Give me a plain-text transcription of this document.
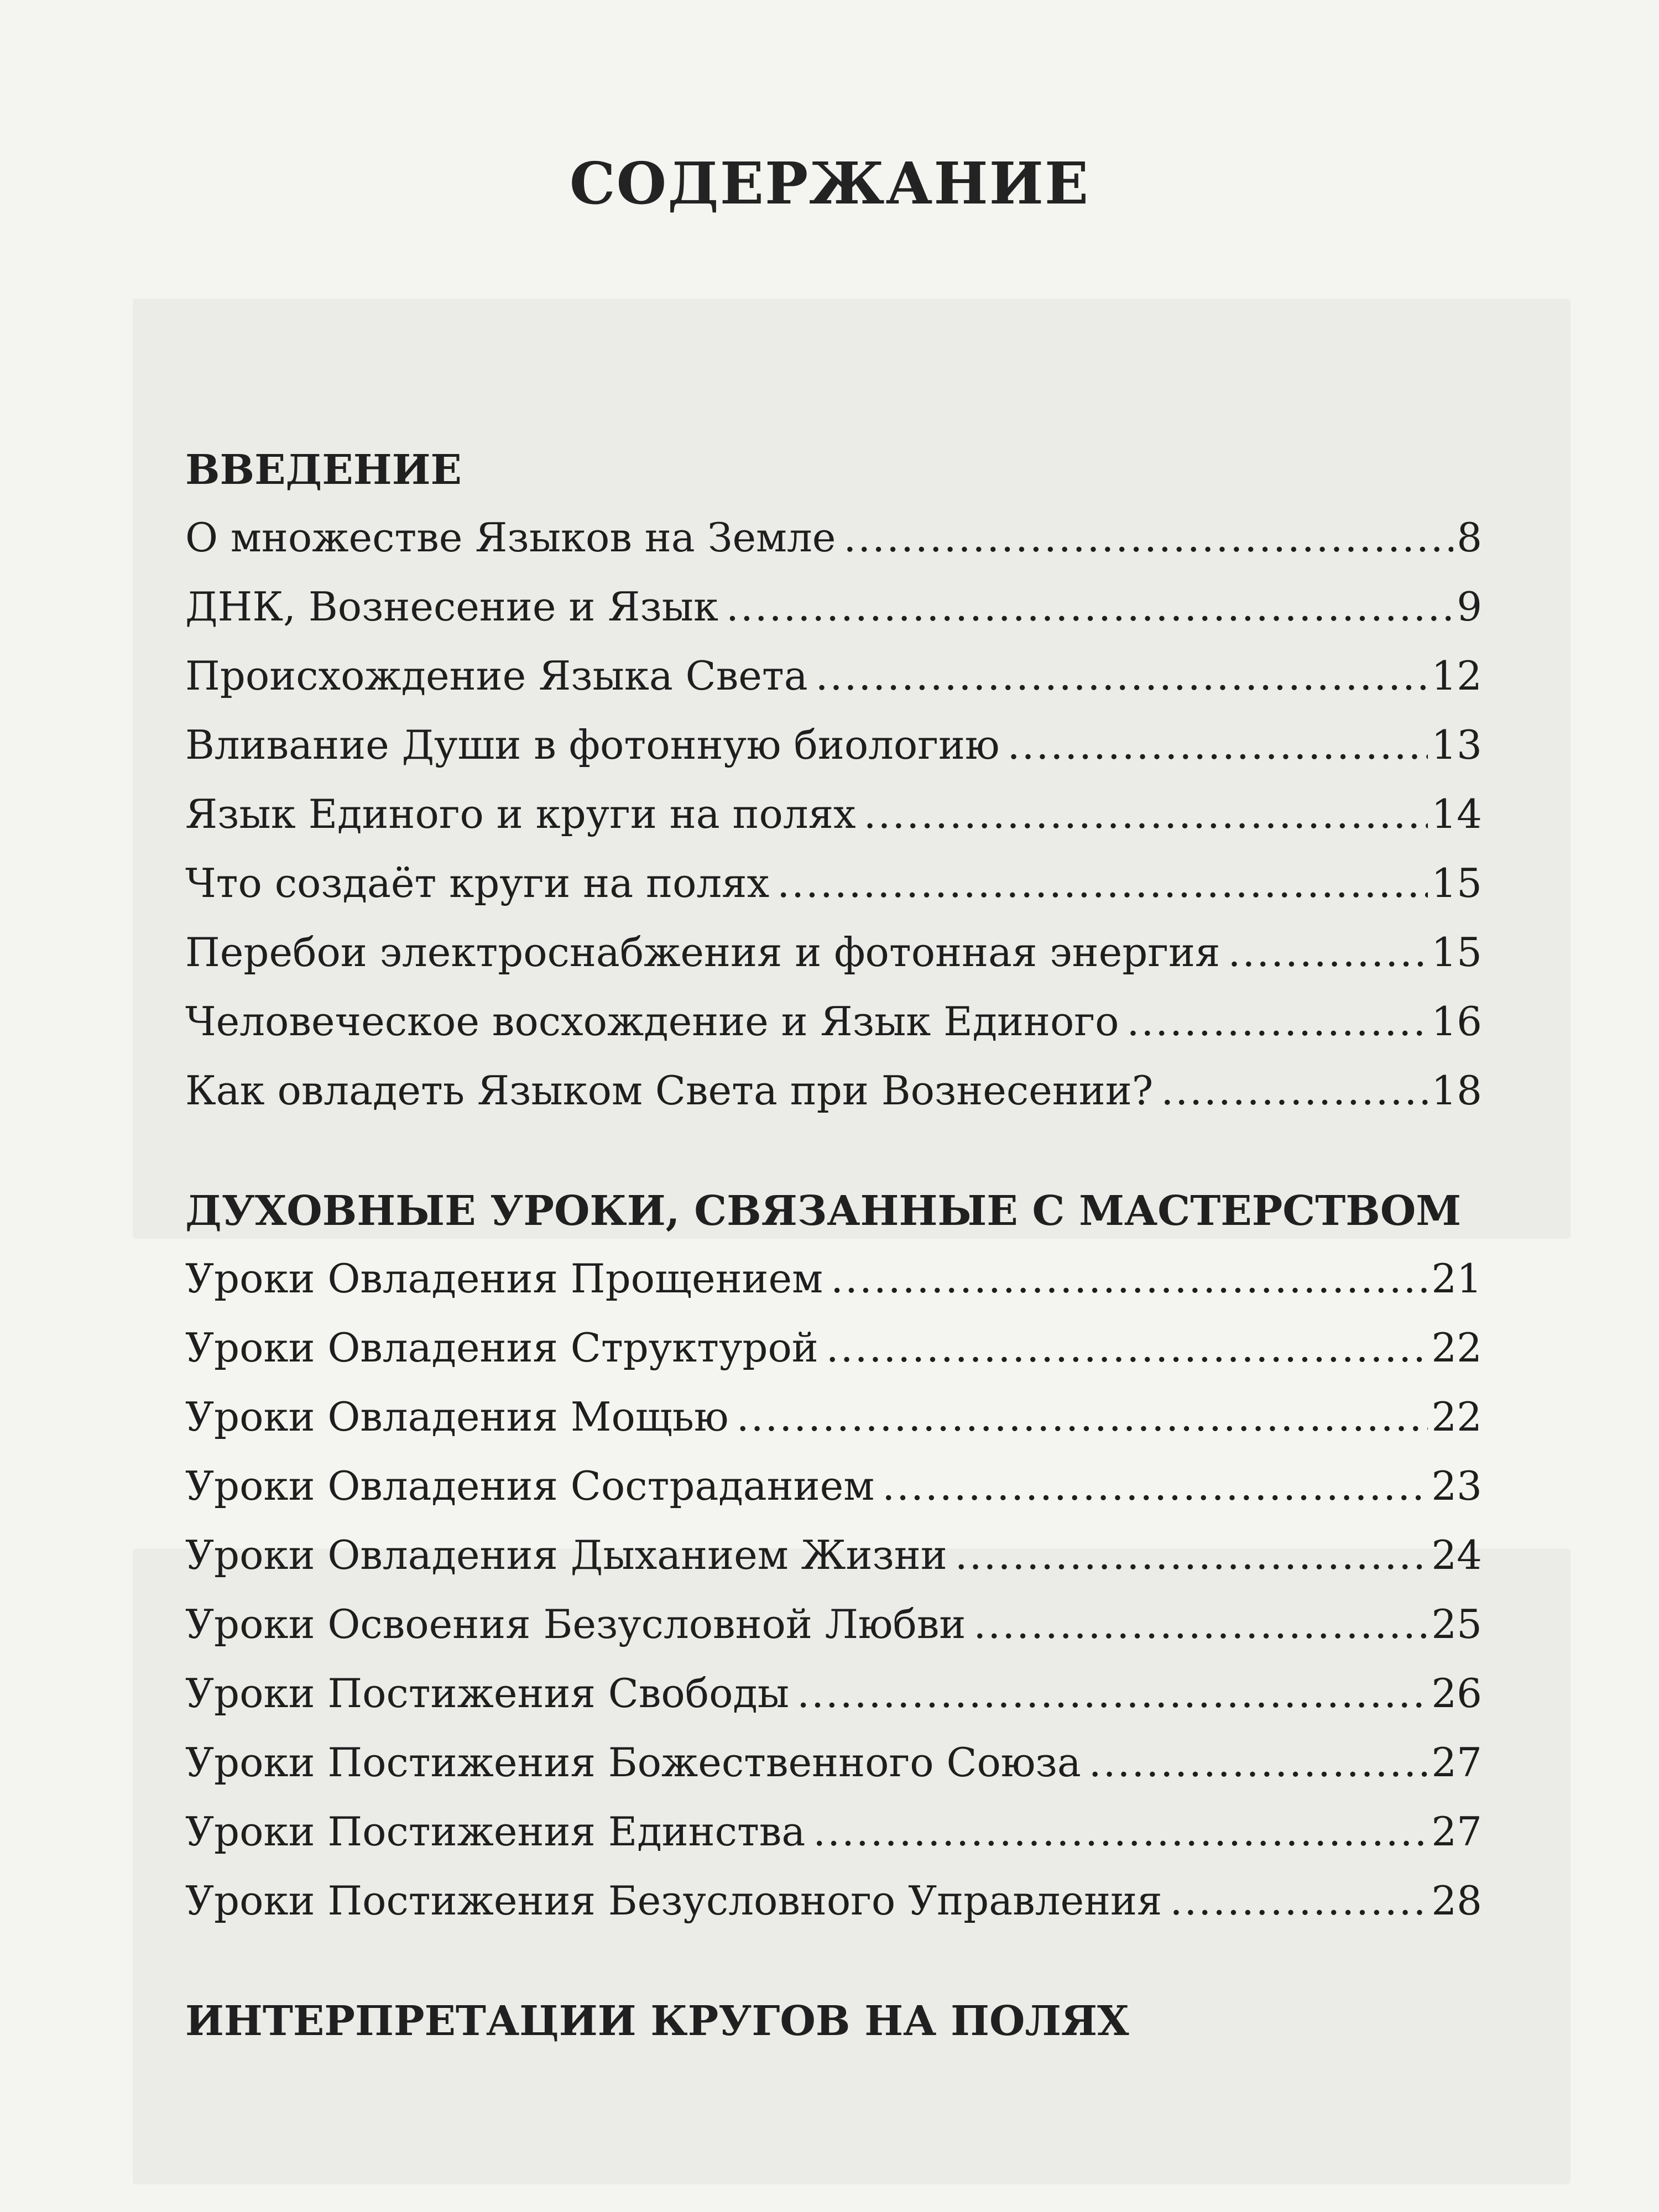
СОДЕРЖАНИЕ
ВВЕДЕНИЕ
О множестве Языков на Земле .....	8
ДНК, Вознесение и Язык .....	9
Происхождение Языка Света .....	12
Вливание Души в фотонную биологию .....	13
Язык Единого и круги на полях .....	14
Что создаёт круги на полях .....	15
Перебои электроснабжения и фотонная энергия .....	15
Человеческое восхождение и Язык Единого .....	16
Как овладеть Языком Света при Вознесении? .....	18
ДУХОВНЫЕ УРОКИ, СВЯЗАННЫЕ С МАСТЕРСТВОМ
Уроки Овладения Прощением .....	21
Уроки Овладения Структурой .....	22
Уроки Овладения Мощью .....	22
Уроки Овладения Состраданием .....	23
Уроки Овладения Дыханием Жизни .....	24
Уроки Освоения Безусловной Любви .....	25
Уроки Постижения Свободы .....	26
Уроки Постижения Божественного Союза .....	27
Уроки Постижения Единства .....	27
Уроки Постижения Безусловного Управления .....	28
ИНТЕРПРЕТАЦИИ КРУГОВ НА ПОЛЯХ
